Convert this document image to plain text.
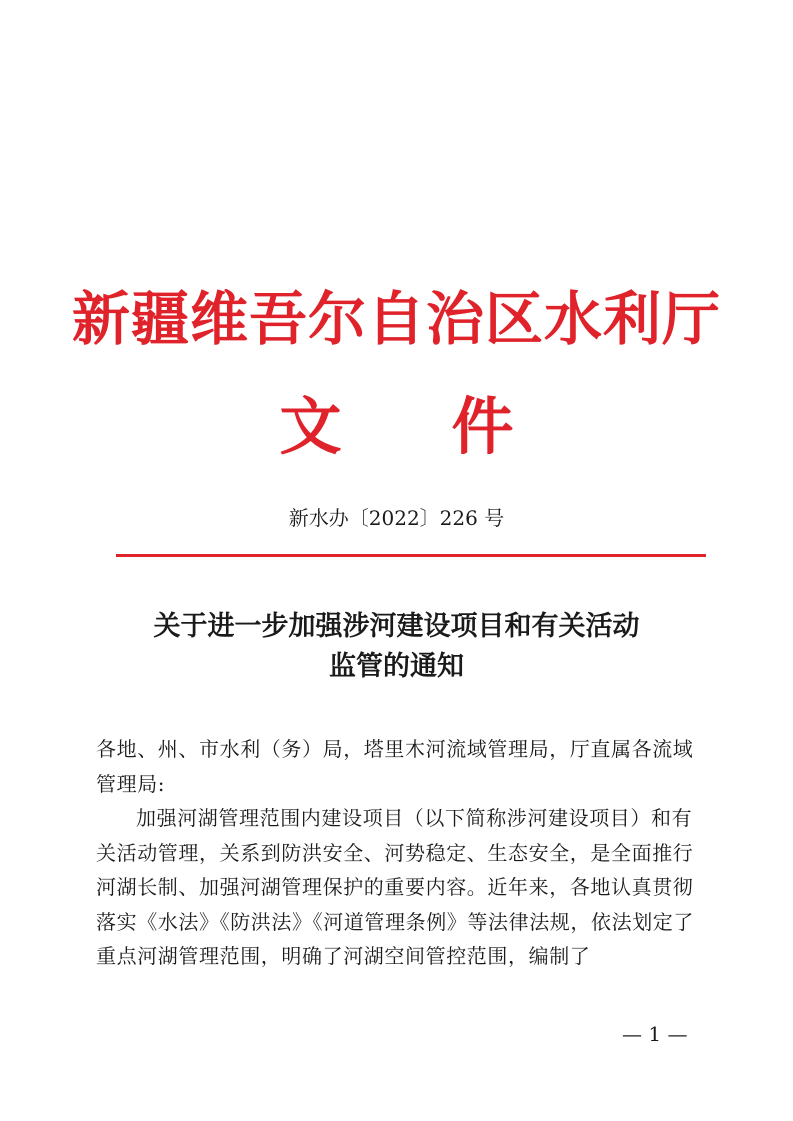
新疆维吾尔自治区水利厅
文件
新水办〔2022〕226 号
关于进一步加强涉河建设项目和有关活动
监管的通知

各地、州、市水利（务）局，塔里木河流域管理局，厅直属各流域管理局:

加强河湖管理范围内建设项目（以下简称涉河建设项目）和有关活动管理，关系到防洪安全、河势稳定、生态安全，是全面推行河湖长制、加强河湖管理保护的重要内容。近年来，各地认真贯彻落实《水法》《防洪法》《河道管理条例》等法律法规，依法划定了重点河湖管理范围，明确了河湖空间管控范围，编制了

— 1 —
